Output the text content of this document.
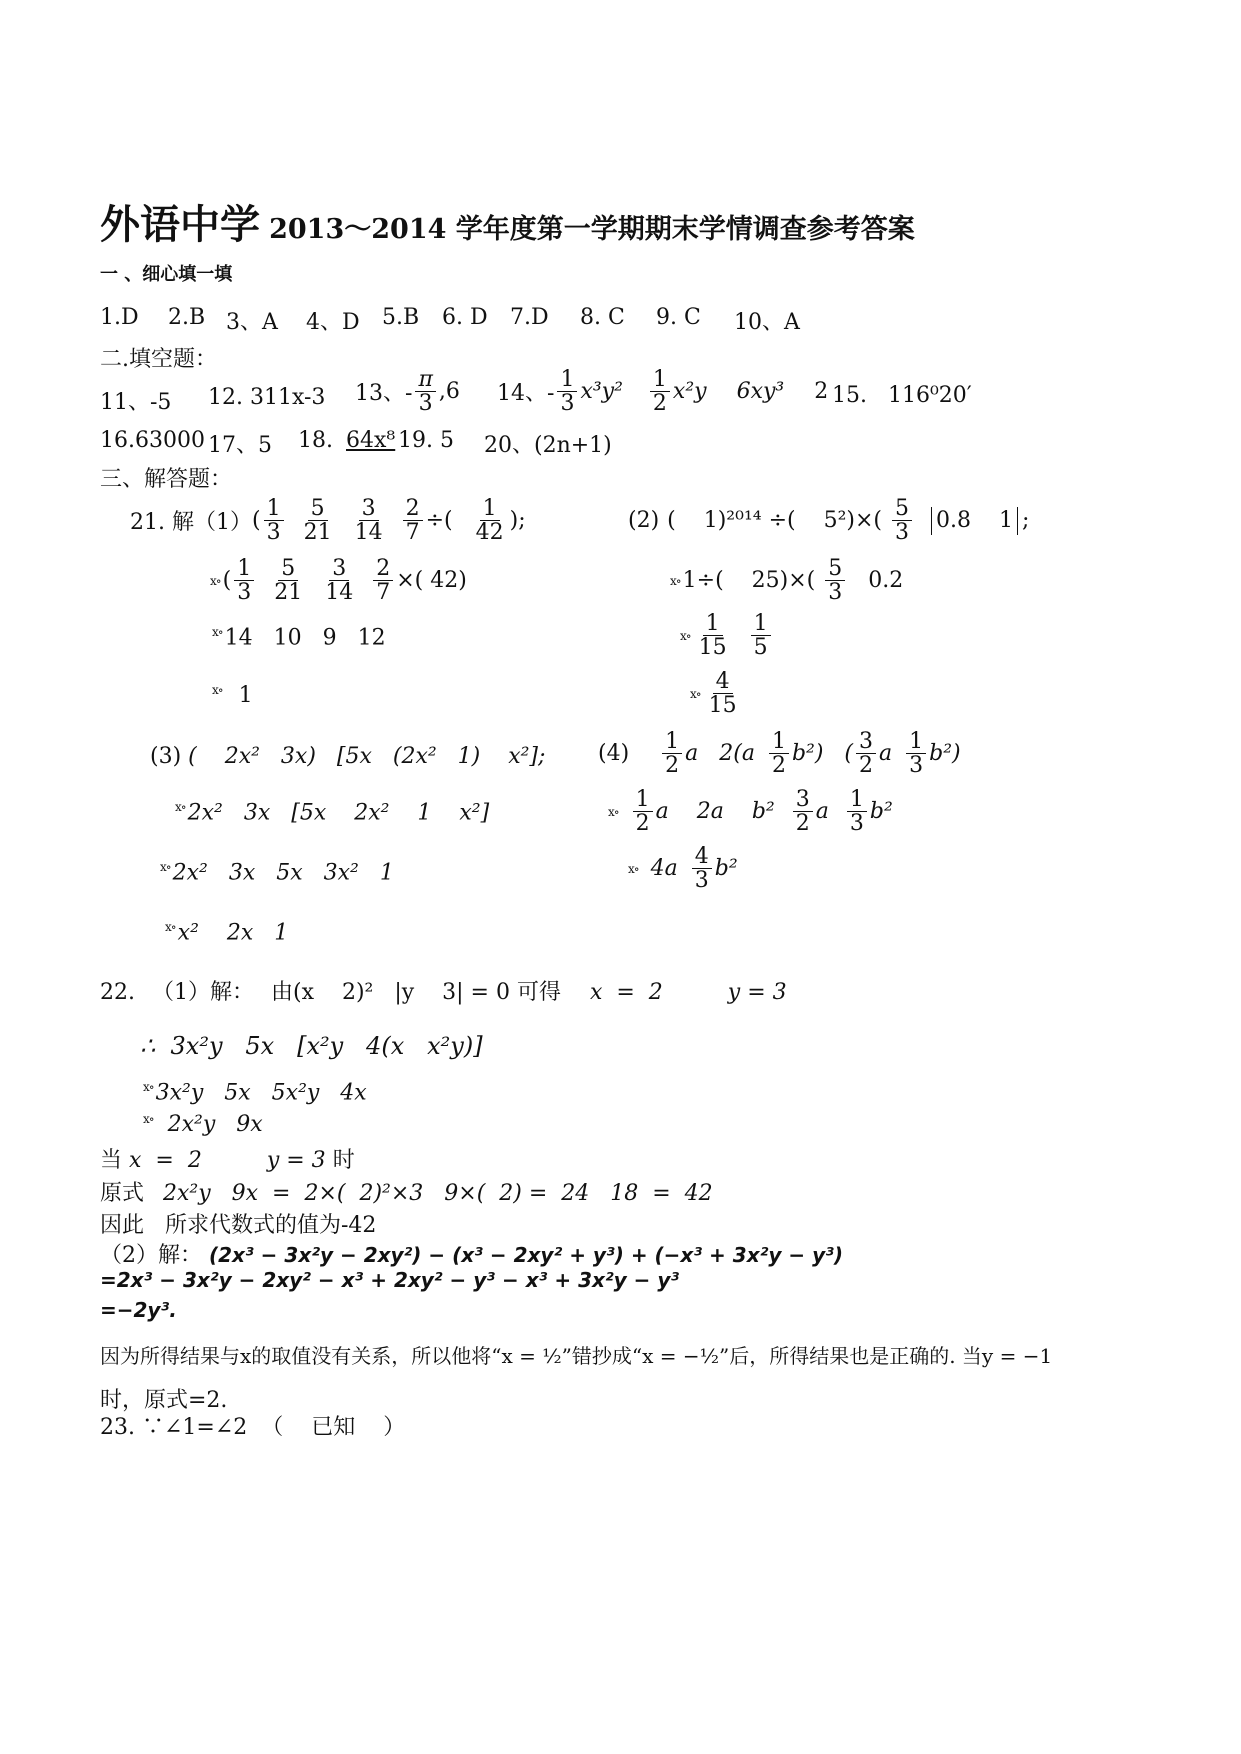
外语中学 2013～2014 学年度第一学期期末学情调查参考答案
一 、细心填一填
1.D	2.B 3、A	4、D	5.B	6. D	7.D	8. C	9. C	10、A
二.填空题：
11、-5 12. 311x-3 13、- $\frac{\pi}{3} ,6$ 14、- $\frac{1}{3} x^3y^2 \frac{1}{2} x^2y$ 6xy³ 2 15. 116⁰20′
16.63000 17、5 18. 64x⁸ 19. 5 20、(2n+1)
三、解答题：
21. 解（1） ( $\frac{1}{3} \frac{5}{21} \frac{3}{14} \frac{2}{7}$ ÷( $\frac{1}{42}$ );
x∘ ( $\frac{1}{3} \frac{5}{21} \frac{3}{14} \frac{2}{7}$ ×( 42)
$^{x\circ}$14   10   9   12
$^{x\circ}$ 1
(2) (    1)²⁰¹⁴ ÷(    $5^2)\times( \frac{5}{3} 0.8$    1 ;
x∘ 1÷(    $25)\times( \frac{5}{3} 0.2$
x∘ $\frac{1}{15} \frac{1}{5}$
x∘ $\frac{4}{15}$
(3) (    2x²   3x)   [5x   (2x²   1)    x²];
$^{x\circ}$2x²   3x   [5x    2x²    1    x²]
$^{x\circ}$2x²   3x   5x   3x²   1
$^{x\circ}$x²    2x   1
$(4) \frac{1}{2}$ a   $2(a \frac{1}{2} b^2)$   ( $\frac{3}{2}$ a $\frac{1}{3} b^2$)
x∘ $\frac{1}{2}$ a    2a    $b^2 \frac{3}{2}$ a $\frac{1}{3} b^2$
x∘ $4a \frac{4}{3} b^2$
22. （1）解： 由(x    2)²   |y    3| = 0 可得 x  =  2	y = 3
∴  3x²y   5x   [x²y   4(x   x²y)]
$^{x\circ}$3x²y   5x   5x²y   4x
$^{x\circ}$ 2x²y   9x
当 x  =  2	y = 3 时
原式 2x²y   9x  =  2×(  2)²×3   9×(  2) =  24   18  =  42
因此   所求代数式的值为-42
（2）解： (2x³ − 3x²y − 2xy²) − (x³ − 2xy² + y³) + (−x³ + 3x²y − y³)
=2x³ − 3x²y − 2xy² − x³ + 2xy² − y³ − x³ + 3x²y − y³
=−2y³.
因为所得结果与x的取值没有关系，所以他将“x = ½”错抄成“x = −½”后，所得结果也是正确的. 当y = −1
时，原式=2.
23. ∵∠1=∠2  （    已知    ）
